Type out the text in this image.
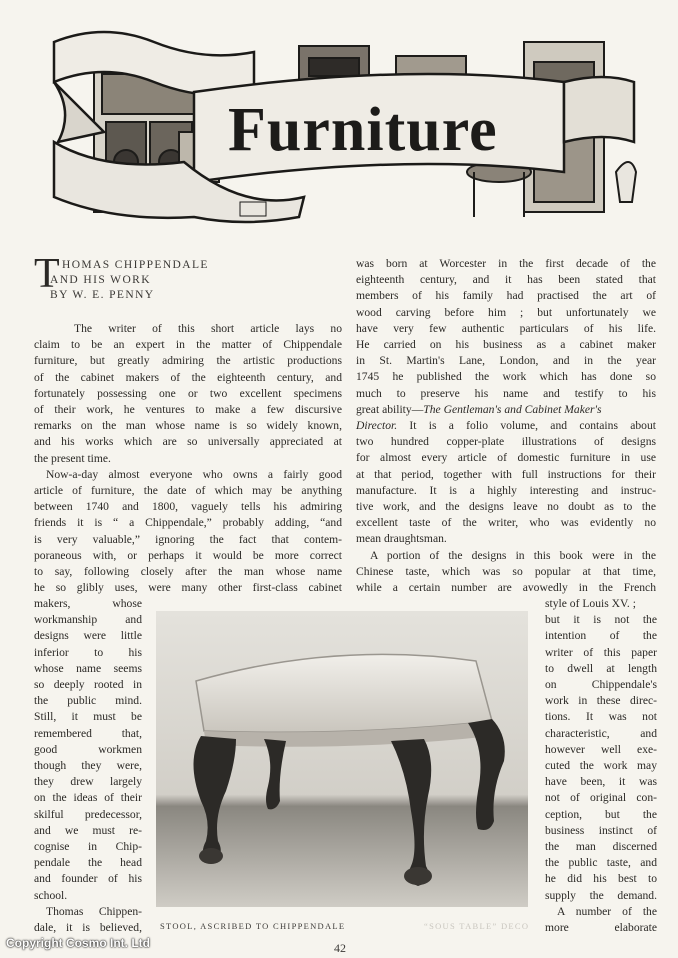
Furniture
T HOMAS CHIPPENDALE
AND HIS WORK
BY W. E. PENNY
The writer of this short article lays no
claim to be an expert in the matter of Chippendale
furniture, but greatly admiring the artistic productions
of the cabinet makers of the eighteenth century, and
fortunately possessing one or two excellent specimens
of their work, he ventures to make a few discursive
remarks on the man whose name is so widely known,
and his works which are so universally appreciated at
the present time.
Now-a-day almost everyone who owns a fairly good
article of furniture, the date of which may be anything
between 1740 and 1800, vaguely tells his admiring
friends it is “ a Chippendale,” probably adding, “and
is very valuable,” ignoring the fact that contem-
poraneous with, or perhaps it would be more correct
to say, following closely after the man whose name
he so glibly uses, were many other first-class cabinet
makers, whose
workmanship and
designs were little
inferior to his
whose name seems
so deeply rooted in
the public mind.
Still, it must be
remembered that,
good workmen
though they were,
they drew largely
on the ideas of their
skilful predecessor,
and we must re-
cognise in Chip-
pendale the head
and founder of his
school.
Thomas Chippen-
dale, it is believed,
was born at Worcester in the first decade of the
eighteenth century, and it has been stated that
members of his family had practised the art of
wood carving before him ; but unfortunately we
have very few authentic particulars of his life.
He carried on his business as a cabinet maker
in St. Martin's Lane, London, and in the year
1745 he published the work which has done so
much to preserve his name and testify to his
great ability—The Gentleman's and Cabinet Maker's
Director. It is a folio volume, and contains about
two hundred copper-plate illustrations of designs
for almost every article of domestic furniture in use
at that period, together with full instructions for their
manufacture. It is a highly interesting and instruc-
tive work, and the designs leave no doubt as to the
excellent taste of the writer, who was evidently no
mean draughtsman.
A portion of the designs in this book were in the
Chinese taste, which was so popular at that time,
while a certain number are avowedly in the French
style of Louis XV. ;
but it is not the
intention of the
writer of this paper
to dwell at length
on Chippendale's
work in these direc-
tions. It was not
characteristic, and
however well exe-
cuted the work may
have been, it was
not of original con-
ception, but the
business instinct of
the man discerned
the public taste, and
he did his best to
supply the demand.
A number of the
more elaborate
STOOL, ASCRIBED TO CHIPPENDALE	“SOUS TABLE” DECO
42
Copyright Cosmo Int. Ltd
